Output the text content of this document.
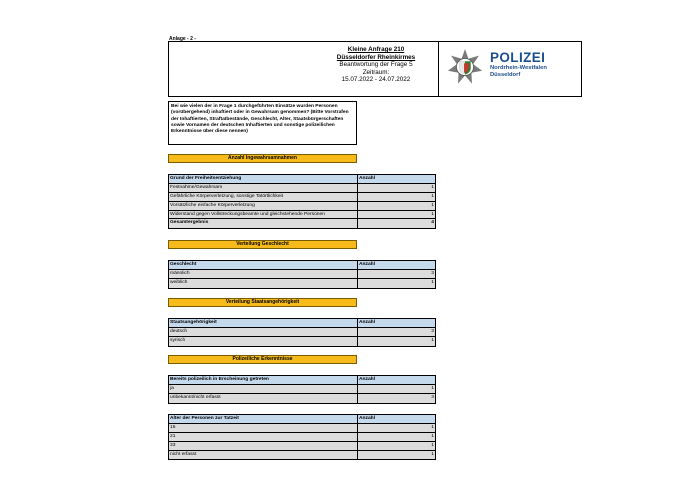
Anlage - 2 -
Kleine Anfrage 210
Düsseldorfer Rheinkirmes
Beantwortung der Frage 5
Zeitraum:
15.07.2022 - 24.07.2022
POLIZEI
Nordrhein-Westfalen
Düsseldorf
Bei wie vielen der in Frage 1 durchgeführten Einsätze wurden Personen (vorübergehend) inhaftiert oder in Gewahrsam genommen? (Bitte Vorstrafen der Inhaftierten, Straftatbestände, Geschlecht, Alter, Staatsbürgerschaften sowie Vornamen der deutschen Inhaftierten und sonstige polizeilichen Erkenntnisse über diese nennen)
Anzahl Ingewahrsamnahmen
Grund der Freiheitsentziehung	Anzahl
Festnahme/Gewahrsam	1
Gefährliche Körperverletzung, sonstige Tatörtlichkeit	1
Vorsätzliche einfache Körperverletzung	1
Widerstand gegen Vollstreckungsbeamte und gleichstehende Personen	1
Gesamtergebnis	4
Verteilung Geschlecht
Geschlecht	Anzahl
männlich	3
weiblich	1
Verteilung Staatsangehörigkeit
Staatsangehörigkeit	Anzahl
deutsch	3
syrisch	1
Polizeiliche Erkenntnisse
Bereits polizeilich in Erscheinung getreten	Anzahl
ja	1
unbekannt/nicht erfasst	3
Alter der Personen zur Tatzeit	Anzahl
15	1
21	1
33	1
nicht erfasst	1
